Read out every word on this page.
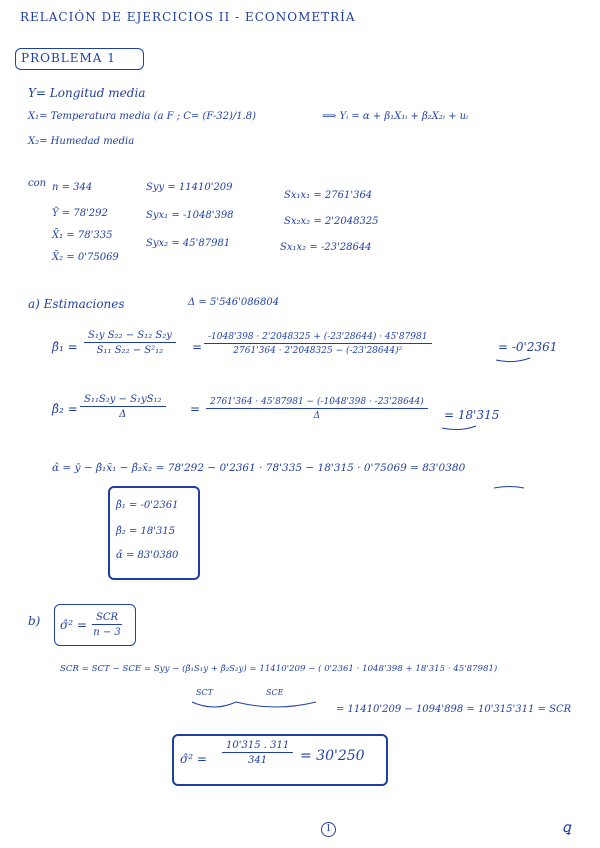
RELACIÓN DE EJERCICIOS II - ECONOMETRÍA
PROBLEMA 1
Y= Longitud media
X₁= Temperatura media (a F ; C= (F-32)/1.8)	⟹ Yᵢ = α + β₁X₁ᵢ + β₂X₂ᵢ + uᵢ
X₂= Humedad media
con n = 344
Ȳ = 78'292
X̄₁ = 78'335
X̄₂ = 0'75069
Syy = 11410'209
Syx₁ = -1048'398
Syx₂ = 45'87981
Sx₁x₁ = 2761'364
Sx₂x₂ = 2'2048325
Sx₁x₂ = -23'28644
a) Estimaciones	Δ = 5'546'086804
β̂₁ = $\frac{\text{S₁y S₂₂ − S₁₂ S₂y}}{\text{S₁₁ S₂₂ − S²₁₂}} = \frac{-1048'398 \cdot 2'2048325 + (-23'28644) \cdot 45'87981}{\text{2761'364 · 2'2048325 − (-23'28644)²}}$	= -0'2361
β̂₂ = $\frac{\text{S₁₁S₂y − S₁yS₁₂}}{\Delta} = \frac{2761'364 \cdot 45'87981 - (-1048'398 \cdot -23'28644)}{\Delta} = 18'315$
α̂ = ȳ − β̂₁x̄₁ − β̂₂x̄₂ = 78'292 − 0'2361 · 78'335 − 18'315 · 0'75069 = 83'0380
β̂₁ = -0'2361
β̂₂ = 18'315
α̂ = 83'0380
b) σ̂² =
SCR
n − 3
SCR = SCT − SCE = Syy − (β̂₁S₁y + β̂₂S₂y) = 11410'209 − ( 0'2361 · 1048'398 + 18'315 · 45'87981)
SCT	SCE
= 11410'209 − 1094'898 = 10'315'311 = SCR
σ̂² = $\frac{10'315 . 311}{341} = 30'250$
1	ꝗ
